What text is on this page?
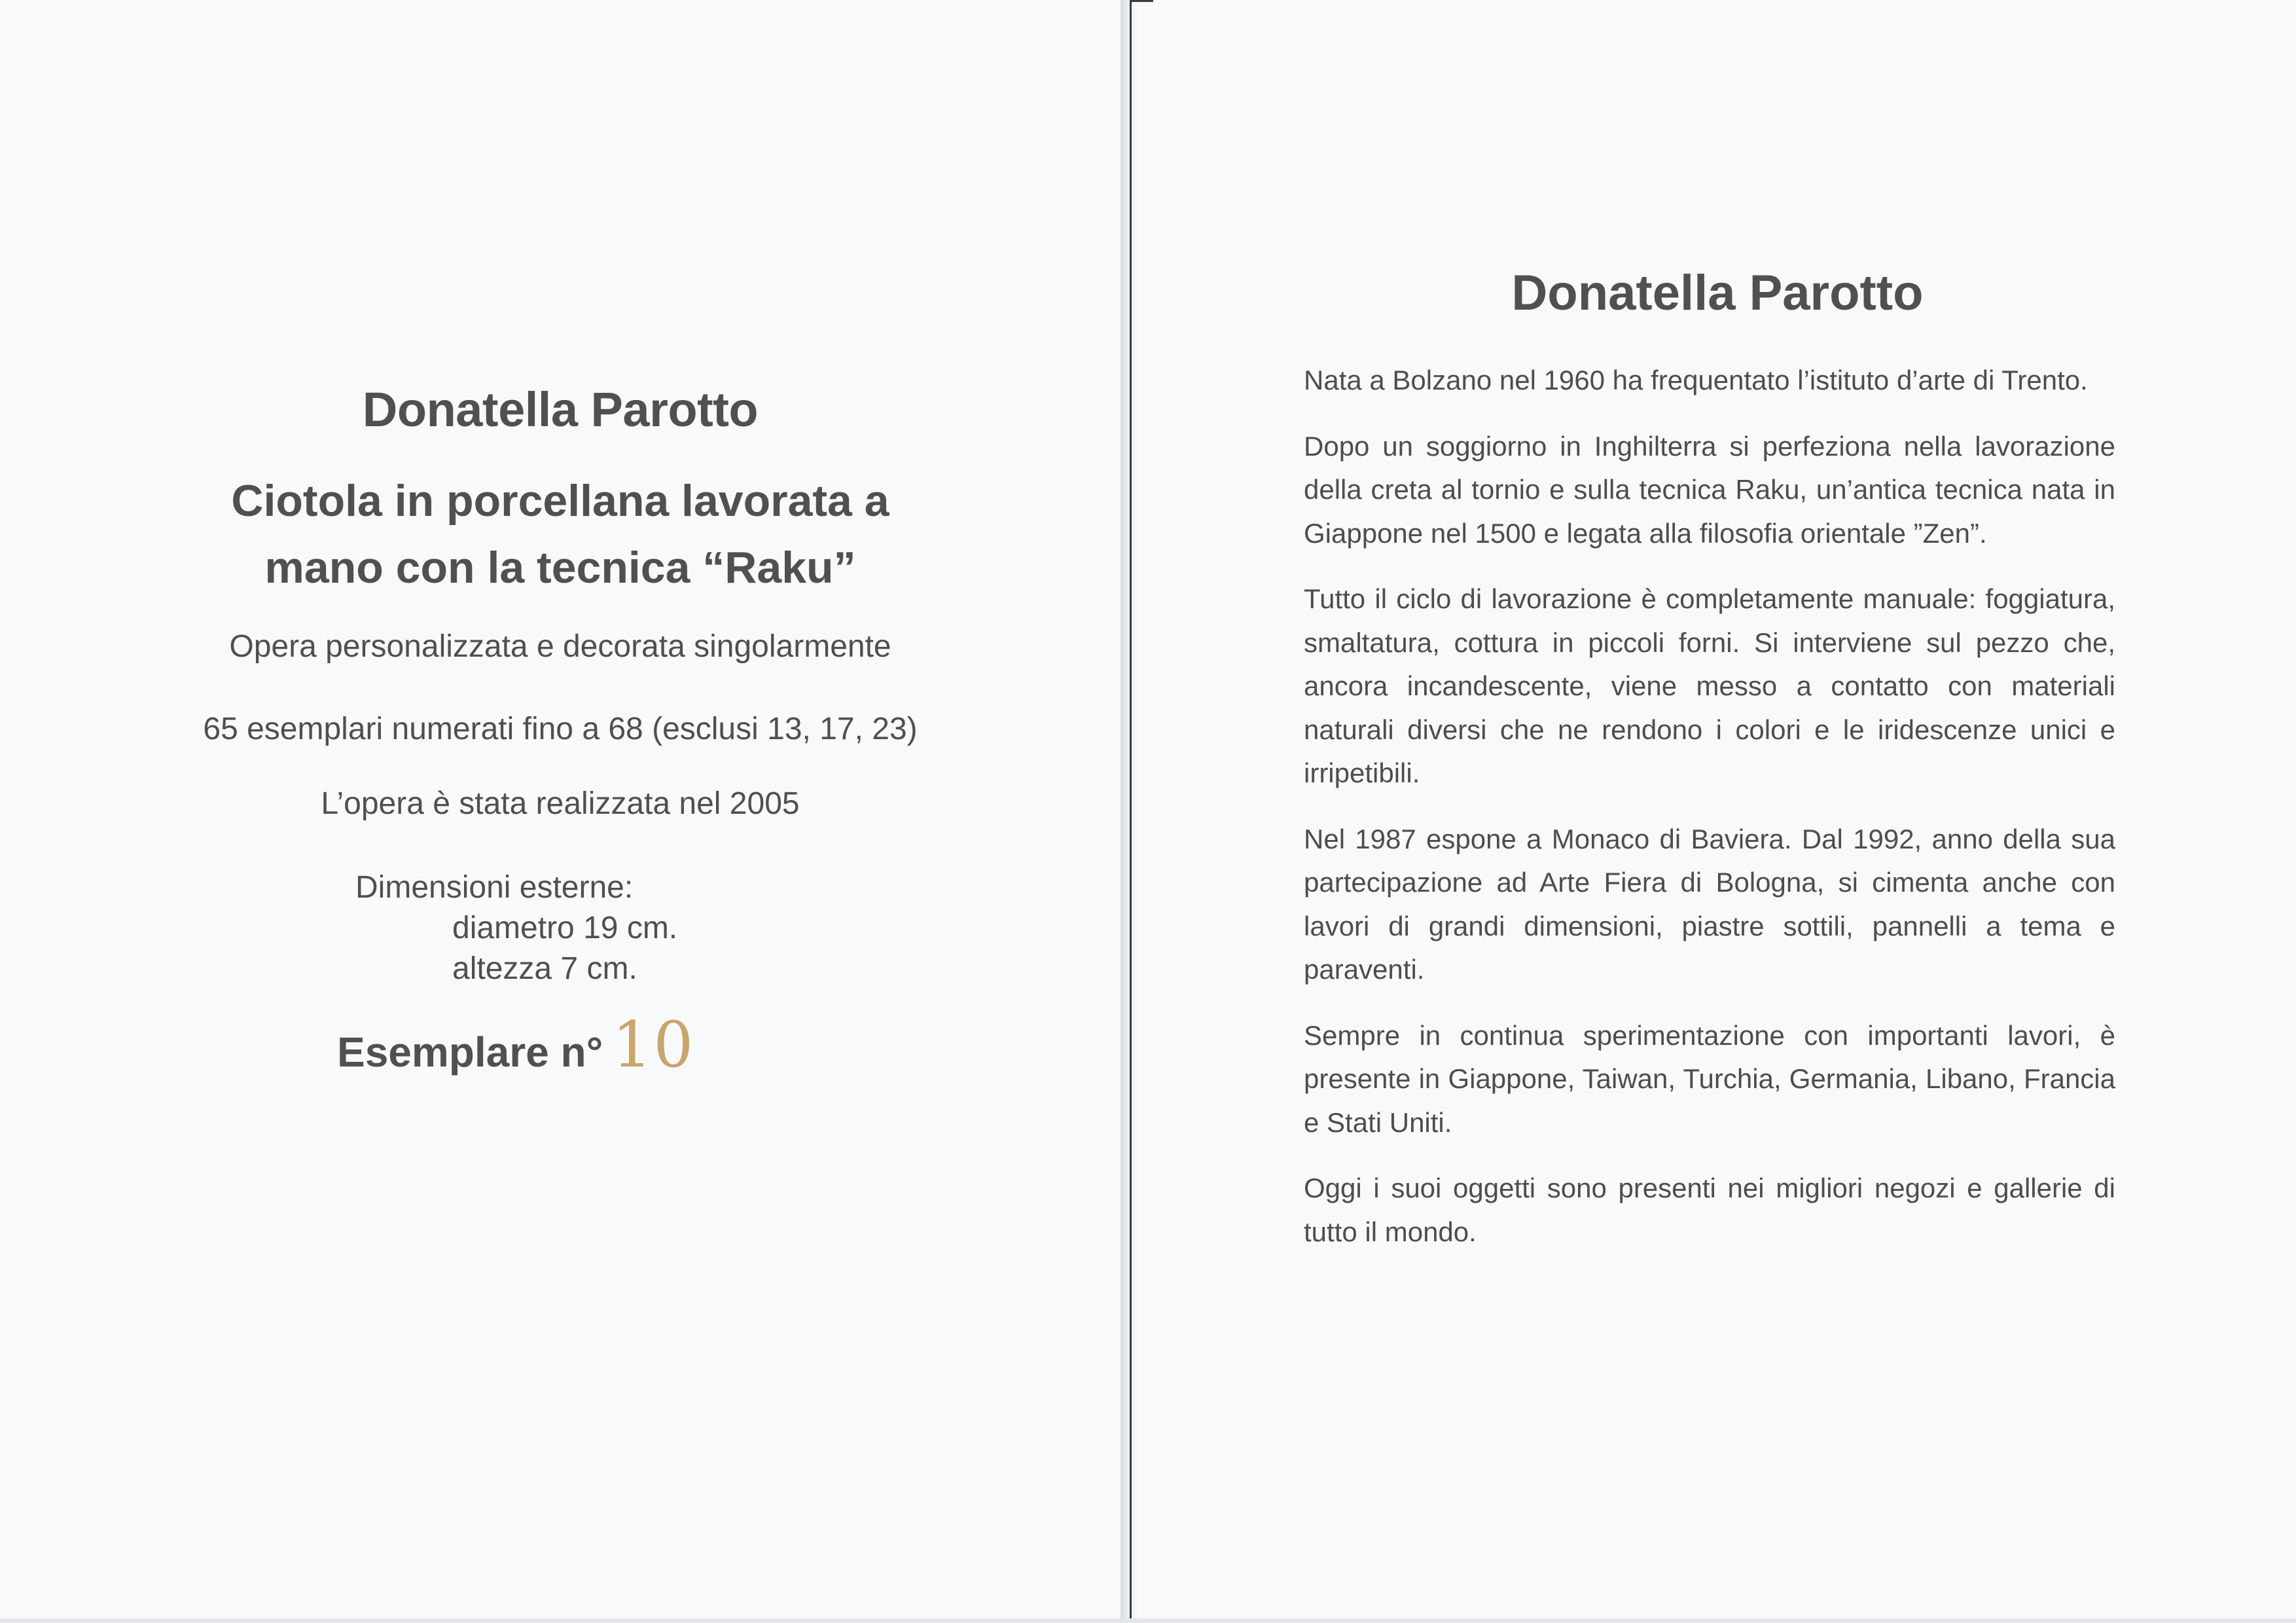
Donatella Parotto
Ciotola in porcellana lavorata a
mano con la tecnica “Raku”
Opera personalizzata e decorata singolarmente
65 esemplari numerati fino a 68 (esclusi 13, 17, 23)
L’opera è stata realizzata nel 2005
Dimensioni esterne:
diametro 19 cm.
altezza 7 cm.
Esemplare n° 10
Donatella Parotto

Nata a Bolzano nel 1960 ha frequentato l’istituto d’arte di Trento.

Dopo un soggiorno in Inghilterra si perfeziona nella lavorazione della creta al tornio e sulla tecnica Raku, un’antica tecnica nata in Giappone nel 1500 e legata alla filosofia orientale ”Zen”.

Tutto il ciclo di lavorazione è completamente manuale: foggiatura, smaltatura, cottura in piccoli forni. Si interviene sul pezzo che, ancora incandescente, viene messo a contatto con materiali naturali diversi che ne rendono i colori e le iridescenze unici e irripetibili.

Nel 1987 espone a Monaco di Baviera. Dal 1992, anno della sua partecipazione ad Arte Fiera di Bologna, si cimenta anche con lavori di grandi dimensioni, piastre sottili, pannelli a tema e paraventi.

Sempre in continua sperimentazione con importanti lavori, è presente in Giappone, Taiwan, Turchia, Germania, Libano, Francia e Stati Uniti.

Oggi i suoi oggetti sono presenti nei migliori negozi e gallerie di tutto il mondo.
